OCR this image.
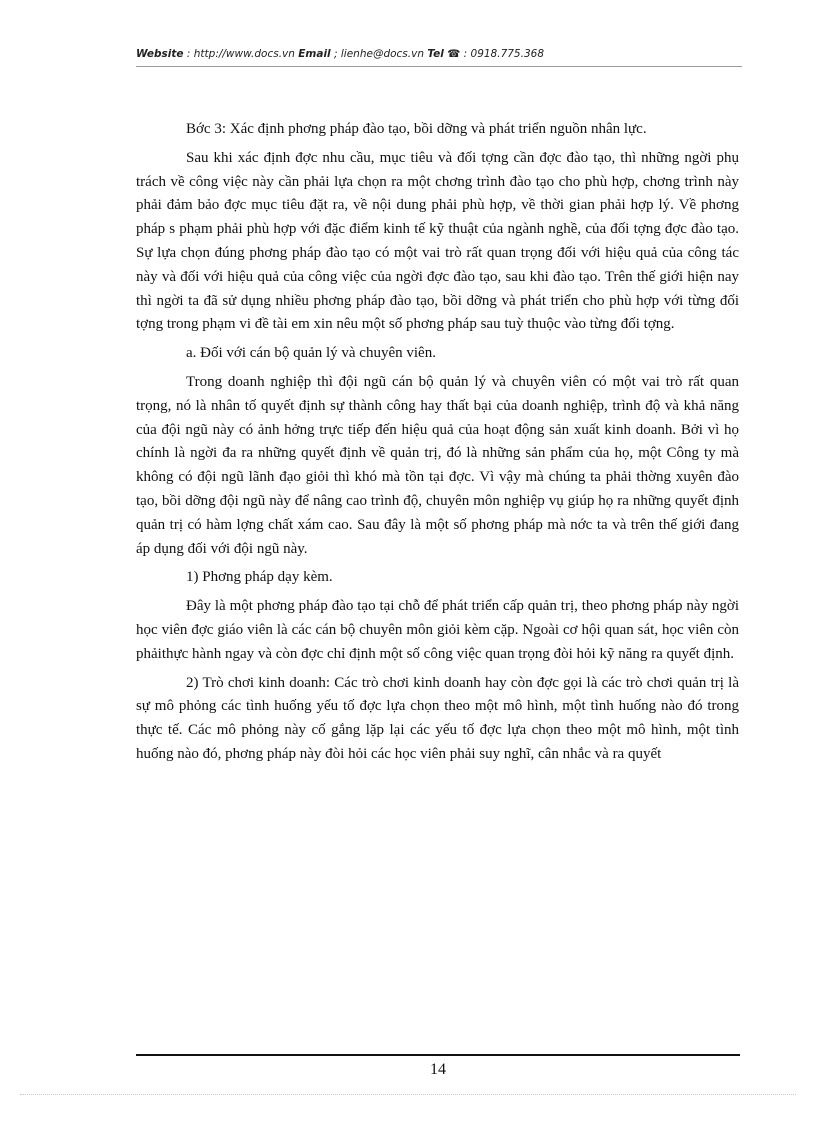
Website : http://www.docs.vn Email ; lienhe@docs.vn Tel ☎ : 0918.775.368

Bớc 3: Xác định phơng pháp đào tạo, bồi dỡng và phát triển nguồn nhân lực.

Sau khi xác định đợc nhu cầu, mục tiêu và đối tợng cần đợc đào tạo, thì những ngời phụ trách về công việc này cần phải lựa chọn ra một chơng trình đào tạo cho phù hợp, chơng trình này phải đảm bảo đợc mục tiêu đặt ra, về nội dung phải phù hợp, về thời gian phải hợp lý. Về phơng pháp s phạm phải phù hợp với đặc điểm kinh tế kỹ thuật của ngành nghề, của đối tợng đợc đào tạo. Sự lựa chọn đúng phơng pháp đào tạo có một vai trò rất quan trọng đối với hiệu quả của công tác này và đối với hiệu quả của công việc của ngời đợc đào tạo, sau khi đào tạo. Trên thế giới hiện nay thì ngời ta đã sử dụng nhiều phơng pháp đào tạo, bồi dỡng và phát triển cho phù hợp với từng đối tợng trong phạm vi đề tài em xin nêu một số phơng pháp sau tuỳ thuộc vào từng đối tợng.

a. Đối với cán bộ quản lý và chuyên viên.

Trong doanh nghiệp thì đội ngũ cán bộ quản lý và chuyên viên có một vai trò rất quan trọng, nó là nhân tố quyết định sự thành công hay thất bại của doanh nghiệp, trình độ và khả năng của đội ngũ này có ảnh hởng trực tiếp đến hiệu quả của hoạt động sản xuất kinh doanh. Bởi vì họ chính là ngời đa ra những quyết định về quản trị, đó là những sản phẩm của họ, một Công ty mà không có đội ngũ lãnh đạo giỏi thì khó mà tồn tại đợc. Vì vậy mà chúng ta phải thờng xuyên đào tạo, bồi dỡng đội ngũ này để nâng cao trình độ, chuyên môn nghiệp vụ giúp họ ra những quyết định quản trị có hàm lợng chất xám cao. Sau đây là một số phơng pháp mà nớc ta và trên thế giới đang áp dụng đối với đội ngũ này.

1) Phơng pháp dạy kèm.

Đây là một phơng pháp đào tạo tại chỗ để phát triển cấp quản trị, theo phơng pháp này ngời học viên đợc giáo viên là các cán bộ chuyên môn giỏi kèm cặp. Ngoài cơ hội quan sát, học viên còn phảithực hành ngay và còn đợc chỉ định một số công việc quan trọng đòi hỏi kỹ năng ra quyết định.

2) Trò chơi kinh doanh: Các trò chơi kinh doanh hay còn đợc gọi là các trò chơi quản trị là sự mô phỏng các tình huống yếu tố đợc lựa chọn theo một mô hình, một tình huống nào đó trong thực tế. Các mô phỏng này cố gắng lặp lại các yếu tố đợc lựa chọn theo một mô hình, một tình huống nào đó, phơng pháp này đòi hỏi các học viên phải suy nghĩ, cân nhắc và ra quyết

14
